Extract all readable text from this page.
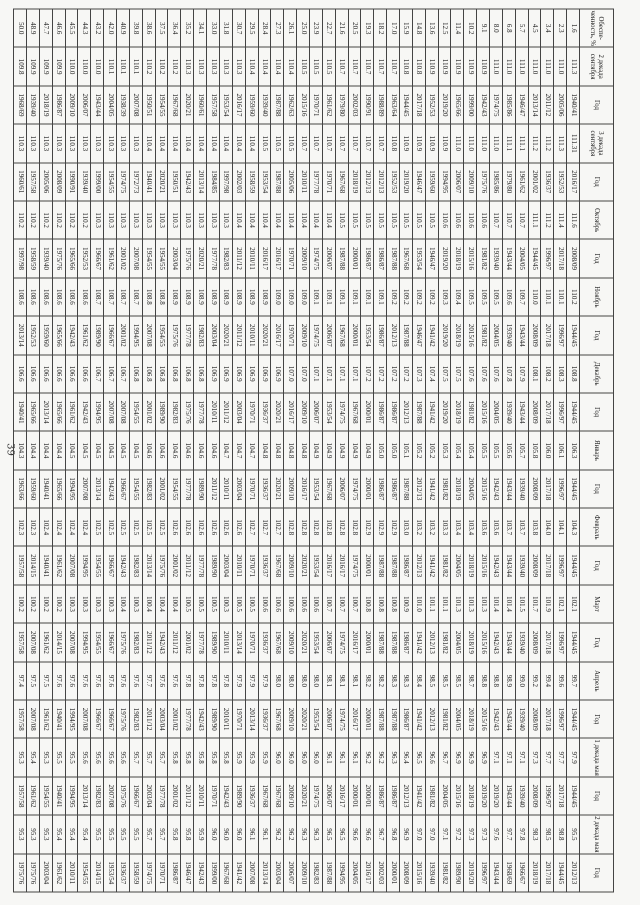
39
Обеспе-ченность, %	2 декада сентября	Год	3 декада сентября	Год	Октябрь	Год	Ноябрь	Год	Декабрь	Год	Январь	Год	Февраль	Год	Март	Год	Апрель	Год	1 декада мая	Год	2 декада мая	Год
1.6	111.3	1940/41	111.31	2016/17	111.6	2008/09	110.2	1944/45	108.8	1944/45	106.3	1944/45	104.3	1944/45	102.1	1944/45	99.7	1944/45	97.9	1944/45	95.5	2012/13
2.3	111.0	2005/06	111.3	1952/53	111.4	2017/18	110.1	1996/97	108.3	1996/97	106.1	1996/97	104.1	1996/97	102.1	1996/97	99.6	1996/97	97.7	2017/18	98.8	1944/45
3.4	111.0	2011/12	111.2	1936/37	111.2	1996/97	110.1	2017/18	108.2	2017/18	106.0	2017/18	104.0	2017/18	101.9	2017/18	99.4	2017/18	97.7	1996/97	98.5	2017/18
4.5	111.0	2013/14	111.2	2001/02	111.1	1944/45	110.0	2008/09	108.1	2008/09	105.8	2008/09	103.8	2008/09	101.7	2008/09	99.2	2008/09	97.3	2008/09	98.3	2018/19
5.7	111.0	1946/47	111.1	1961/62	110.7	2004/05	109.7	1943/44	107.9	1943/44	105.7	1939/40	103.7	1939/40	101.5	1939/40	99.0	1939/40	97.1	1939/40	97.8	1966/67
6.8	111.0	1985/86	111.1	1979/80	110.7	1943/44	109.6	1939/40	107.8	1939/40	105.6	1943/44	103.7	1943/44	101.4	1943/44	98.9	1943/44	97.1	1943/44	97.7	1968/69
8.0	111.0	1974/75	111.0	1985/86	110.7	1939/40	109.5	2004/05	107.6	2004/05	105.5	1942/43	103.6	1942/43	101.4	1942/43	98.8	1942/43	97.1	2019/20	97.6	1943/44
9.1	110.9	1942/43	111.0	1975/76	110.6	1981/82	109.5	1981/82	107.6	2015/16	105.5	2015/16	103.6	2015/16	101.3	2015/16	98.8	2015/16	96.9	2019/20	97.3	1996/97
10.2	110.9	1999/00	111.0	2009/10	110.6	2015/16	109.5	2015/16	107.6	1981/82	105.4	2004/05	103.4	2018/19	101.3	2018/19	98.7	2018/19	96.9	2018/19	97.3	2019/20
11.4	110.9	1965/66	111.0	2006/07	110.6	2018/19	109.4	2018/19	107.5	2018/19	105.4	2018/19	103.4	2004/05	101.3	2004/05	98.5	2004/05	96.9	2015/16	97.2	1989/90
12.5	110.9	2019/20	110.9	1994/95	110.6	2019/20	109.3	2019/20	107.5	2019/20	105.3	1981/82	103.3	1981/82	101.1	1981/82	98.5	1981/82	96.7	2004/05	97.1	1981/82
13.6	110.9	1952/53	110.9	1959/60	110.5	1946/47	109.2	1941/42	107.4	1941/42	105.2	1941/42	103.2	1941/42	101.1	2012/13	98.5	2012/13	96.6	1981/82	97.0	1939/40
14.8	110.8	2017/18	110.9	1946/47	110.5	1953/54	109.2	1946/47	107.3	1987/88	105.2	2012/13	103.2	2012/13	101.0	1941/42	98.4	1941/42	96.5	1941/42	97.0	2015/16
15.9	110.8	1944/45	110.9	2019/20	110.5	1967/68	109.2	1987/88	107.2	2012/13	105.1	1987/88	103.0	1986/87	100.9	1986/87	98.3	1986/87	96.4	2012/13	96.9	2008/09
17.0	110.7	1963/64	110.8	1952/53	110.5	1987/88	109.2	2012/13	107.2	1986/87	105.0	1986/87	102.9	1987/88	100.8	1987/88	98.3	1987/88	96.3	1986/87	96.8	2000/01
18.2	110.7	1988/89	110.7	2012/13	110.5	1986/87	109.1	1986/87	107.2	1986/87	105.0	1986/87	102.9	1987/88	100.8	1987/88	98.2	1987/88	96.2	1986/87	96.7	2002/03
19.3	110.7	1990/91	110.7	2012/13	110.5	1986/87	109.1	1953/54	107.2	2000/01	104.9	2000/01	102.9	2000/01	100.8	2000/01	98.2	2000/01	96.2	2000/01	96.6	2016/17
20.5	110.7	2002/03	110.7	2018/19	110.5	2000/01	109.1	2000/01	107.1	1967/68	104.9	1974/75	102.8	1974/75	100.7	2016/17	98.1	2016/17	96.1	2000/01	96.6	2004/05
21.6	110.7	1979/80	110.7	1967/68	110.5	1987/88	109.1	1967/68	107.1	1974/75	104.9	2006/07	102.8	2016/17	100.7	1974/75	98.1	1974/75	96.1	2016/17	96.5	1994/95
22.7	110.5	1961/62	110.7	1970/71	110.4	2006/07	109.1	2006/07	107.1	1953/54	104.9	1967/68	102.8	2016/17	100.7	2006/07	98.1	2006/07	96.1	2006/07	96.5	1987/88
23.9	110.5	1970/71	110.7	1977/78	110.4	1974/75	109.1	1974/75	107.1	2006/07	104.9	1953/54	102.8	1953/54	100.6	1953/54	98.0	1953/54	96.0	1974/75	96.3	1982/83
25.0	110.5	2015/16	110.7	2010/11	110.4	2009/10	109.0	2009/10	107.0	2009/10	104.8	2016/17	102.8	2020/21	100.6	2020/21	98.0	2020/21	96.0	2020/21	96.3	2009/10
26.1	110.4	1962/63	110.5	2005/06	110.4	1970/71	109.0	1970/71	107.0	2016/17	104.8	2009/10	102.8	2009/10	100.6	2009/10	98.0	2009/10	96.0	2009/10	96.2	2006/07
27.3	110.4	1987/88	110.5	1987/88	110.4	2016/17	109.0	2016/17	106.9	2020/21	104.8	2020/21	102.7	1967/68	100.6	1967/68	98.0	1967/68	96.0	1967/68	96.2	2003/04
28.4	110.4	1939/40	110.5	1953/54	110.4	2016/17	108.9	2020/21	106.9	1936/37	104.8	1936/37	102.7	1936/37	100.6	1936/37	97.9	1936/37	95.9	1967/68	96.1	2013/14
29.5	110.4	1959/60	110.4	1958/59	110.4	2010/11	108.9	2010/11	106.9	1970/71	104.7	1970/71	102.7	1970/71	100.5	1970/71	97.9	2013/14	95.9	1936/37	96.1	2007/08
30.7	110.3	2016/17	110.4	2002/03	110.4	2011/12	108.9	2011/12	106.9	2003/04	104.7	2003/04	102.6	2010/11	100.5	2013/14	97.9	1970/71	95.9	1989/90	96.0	1941/42
31.8	110.3	1953/54	110.4	1997/98	110.3	1982/83	108.9	2020/21	106.9	2011/12	104.7	2010/11	102.6	2003/04	100.3	2010/11	97.8	2010/11	95.8	1942/43	96.0	1967/68
33.0	110.3	1957/58	110.4	1984/85	110.3	1977/78	108.9	2003/04	106.9	2010/11	104.6	2011/12	102.6	1989/90	100.5	1989/90	97.8	1989/90	95.8	1970/71	96.0	1999/00
34.1	110.3	1960/61	110.4	2013/14	110.3	2020/21	108.9	1982/83	106.8	1977/78	104.6	1989/90	102.6	1977/78	100.5	1977/78	97.8	1942/43	95.8	2010/11	95.9	1942/43
35.2	110.3	2020/21	110.4	1942/43	110.3	1975/76	108.9	1977/78	106.8	1975/76	104.6	1977/78	102.6	2011/12	100.5	2001/02	97.8	1977/78	95.8	2011/12	95.8	1946/47
36.4	110.2	1967/68	110.4	1950/51	110.3	2003/04	108.9	1975/76	106.8	1982/83	104.6	1954/55	102.6	2001/02	100.4	2011/12	97.6	2001/02	95.8	2001/02	95.8	1986/87
37.5	110.2	1954/55	110.4	2020/21	110.3	1954/55	108.8	1954/55	106.8	1989/90	104.6	2001/02	102.5	1975/76	100.4	1942/43	97.6	2003/04	95.7	1977/78	95.7	1970/71
38.6	110.2	1950/51	110.4	1940/41	110.3	1954/55	108.8	2007/08	106.8	2001/02	104.6	1982/83	102.5	2013/14	100.4	2011/12	97.7	2011/12	95.7	2003/04	95.7	1974/75
39.8	110.1	2007/08	110.3	1972/73	110.3	2007/08	108.7	1994/95	106.8	1954/55	104.5	1954/55	102.5	1982/83	100.3	1982/83	97.6	1982/83	95.7	1966/67	95.5	1958/59
40.9	110.1	1938/39	110.3	1974/75	110.3	2001/02	108.7	2001/02	106.7	2007/08	104.5	1966/67	102.5	1942/43	100.4	1975/76	97.6	1975/76	95.6	1975/76	95.5	1936/37
42.0	110.1	2004/05	110.3	1954/55	110.3	1961/62	108.7	1966/67	106.7	2007/08	104.5	1942/43	102.5	1966/67	100.3	1966/67	97.6	1966/67	95.6	2007/08	95.5	1953/54
43.2	110.0	1943/44	110.3	1999/00	110.3	1966/67	108.7	1989/90	106.7	1994/95	104.5	2013/14	102.5	1954/55	100.3	1954/55	97.6	1966/67	95.6	1982/83	95.5	2014/15
44.3	110.0	2006/07	110.3	1939/40	110.2	1952/53	108.6	1961/62	106.6	1942/43	104.5	2007/08	102.4	1994/95	100.3	1994/95	97.6	2007/08	95.6	2013/14	95.4	1954/55
45.5	110.0	2009/10	110.3	1990/91	110.2	1965/66	108.6	1942/43	106.6	1961/62	104.5	1994/95	102.4	2007/08	100.3	2007/08	97.6	1994/95	95.5	1994/95	95.4	2010/11
46.6	109.9	1986/87	110.3	2008/09	110.2	1975/76	108.6	1965/66	106.6	1965/66	104.4	1965/66	102.4	1961/62	100.2	2014/15	97.6	1940/41	95.5	1940/41	95.4	1961/62
47.7	109.9	2018/19	110.3	2005/06	110.2	1939/40	108.6	1959/60	106.6	2013/14	104.4	1940/41	102.4	1940/41	100.2	1961/62	97.5	1961/62	95.3	1954/55	95.3	2003/04
48.9	109.9	1939/40	110.3	1957/58	110.2	1958/59	108.6	1952/53	106.6	1965/66	104.4	1959/60	102.3	2014/15	100.2	2007/08	97.5	2007/08	95.4	1961/62	95.3	1975/76
50.0	109.8	1968/69	110.3	1960/61	110.2	1997/98	108.6	2013/14	106.6	1940/41	104.3	1963/66	102.3	1957/58	100.2	1957/58	97.4	1957/58	95.3	1957/58	95.3	1975/76
